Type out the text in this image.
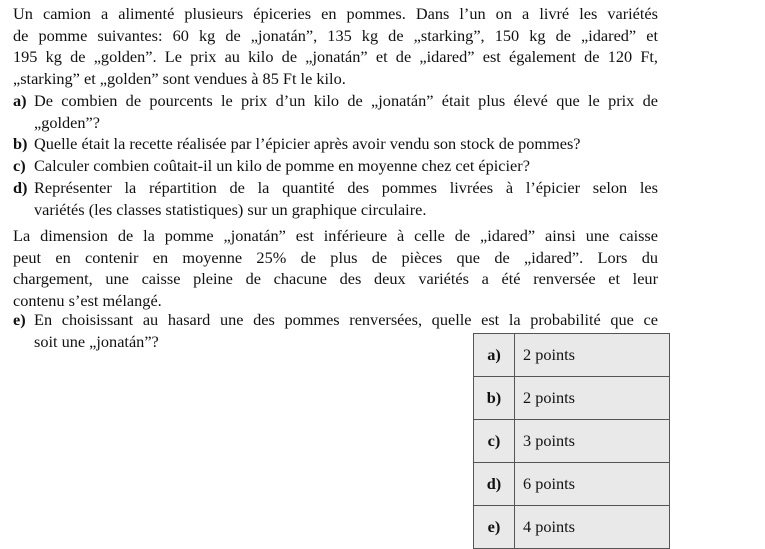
Un camion a alimenté plusieurs épiceries en pommes. Dans l’un on a livré les variétés
de pomme suivantes: 60 kg de „jonatán”, 135 kg de „starking”, 150 kg de „idared” et
195 kg de „golden”. Le prix au kilo de „jonatán” et de „idared” est également de 120 Ft,
„starking” et „golden” sont vendues à 85 Ft le kilo.
a) De combien de pourcents le prix d’un kilo de „jonatán” était plus élevé que le prix de
„golden”?
b) Quelle était la recette réalisée par l’épicier après avoir vendu son stock de pommes?
c) Calculer combien coûtait-il un kilo de pomme en moyenne chez cet épicier?
d) Représenter la répartition de la quantité des pommes livrées à l’épicier selon les
variétés (les classes statistiques) sur un graphique circulaire.
La dimension de la pomme „jonatán” est inférieure à celle de „idared” ainsi une caisse
peut en contenir en moyenne 25% de plus de pièces que de „idared”. Lors du
chargement, une caisse pleine de chacune des deux variétés a été renversée et leur
contenu s’est mélangé.
e) En choisissant au hasard une des pommes renversées, quelle est la probabilité que ce
soit une „jonatán”?
a)	2 points
b)	2 points
c)	3 points
d)	6 points
e)	4 points
